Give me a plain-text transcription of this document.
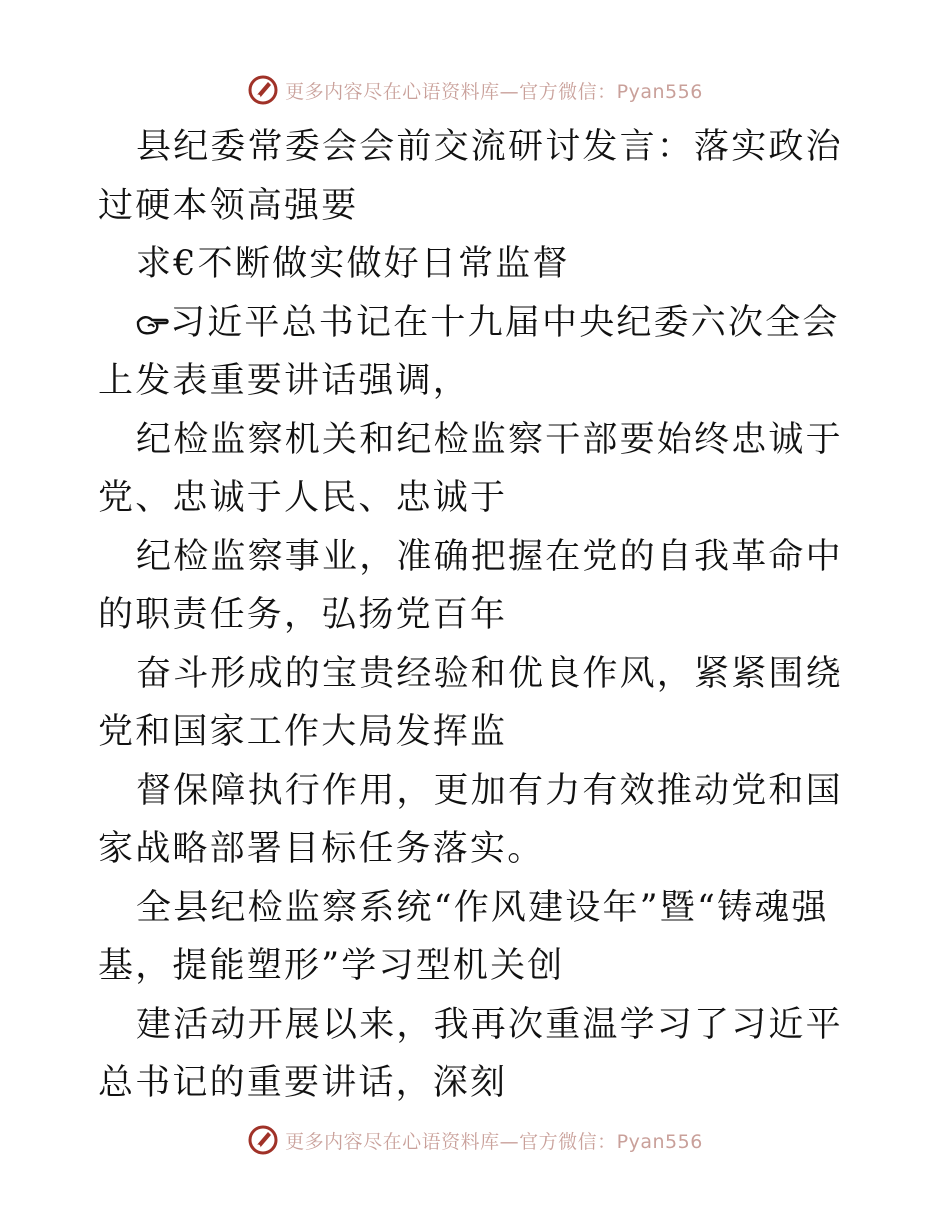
更多内容尽在心语资料库—官方微信：Pyan556

县纪委常委会会前交流研讨发言：落实政治过硬本领高强要

求€不断做实做好日常监督

习近平总书记在十九届中央纪委六次全会上发表重要讲话强调，

纪检监察机关和纪检监察干部要始终忠诚于党、忠诚于人民、忠诚于

纪检监察事业，准确把握在党的自我革命中的职责任务，弘扬党百年

奋斗形成的宝贵经验和优良作风，紧紧围绕党和国家工作大局发挥监

督保障执行作用，更加有力有效推动党和国家战略部署目标任务落实。

全县纪检监察系统“作风建设年”暨“铸魂强基，提能塑形”学习型机关创

建活动开展以来，我再次重温学习了习近平总书记的重要讲话，深刻

更多内容尽在心语资料库—官方微信：Pyan556
